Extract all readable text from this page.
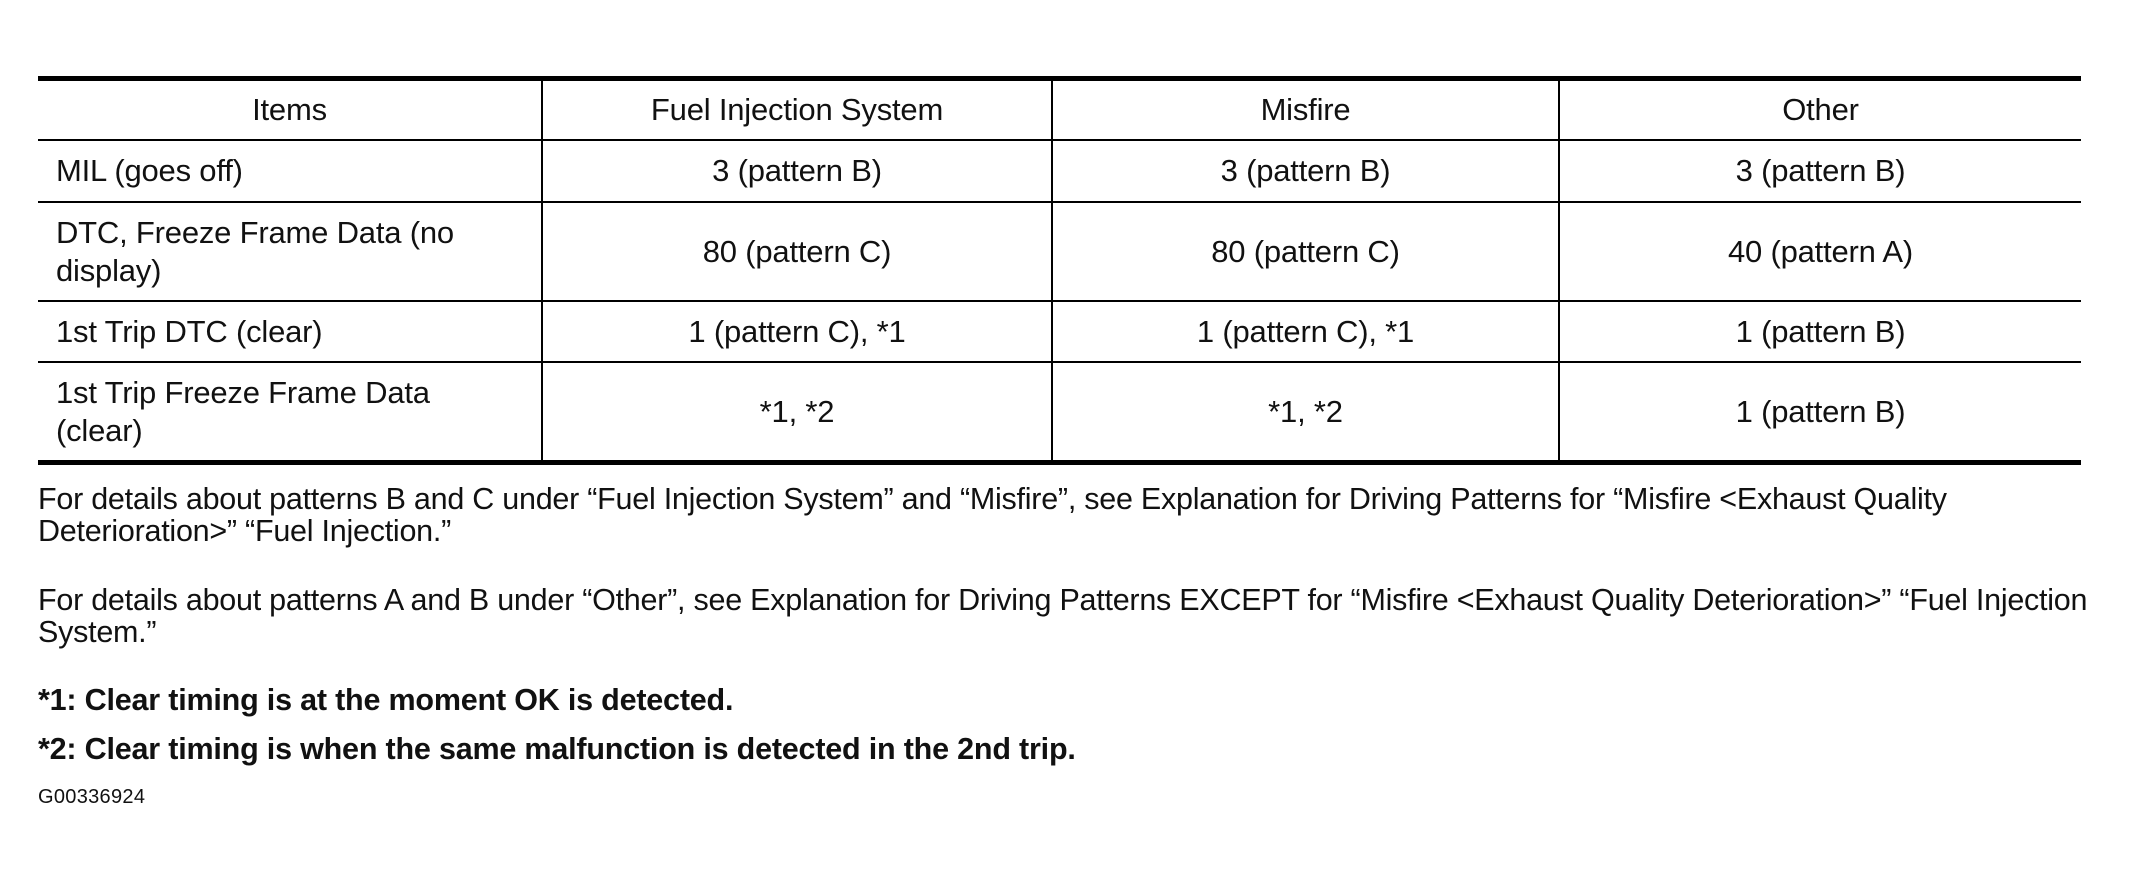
Items	Fuel Injection System	Misfire	Other
MIL (goes off)	3 (pattern B)	3 (pattern B)	3 (pattern B)
DTC, Freeze Frame Data (no display)	80 (pattern C)	80 (pattern C)	40 (pattern A)
1st Trip DTC (clear)	1 (pattern C), *1	1 (pattern C), *1	1 (pattern B)
1st Trip Freeze Frame Data (clear)	*1, *2	*1, *2	1 (pattern B)

For details about patterns B and C under “Fuel Injection System” and “Misfire”, see Explanation for Driving Patterns for “Misfire <Exhaust Quality Deterioration>” “Fuel Injection.”

For details about patterns A and B under “Other”, see Explanation for Driving Patterns EXCEPT for “Misfire <Exhaust Quality Deterioration>” “Fuel Injection System.”

*1: Clear timing is at the moment OK is detected.

*2: Clear timing is when the same malfunction is detected in the 2nd trip.

G00336924
